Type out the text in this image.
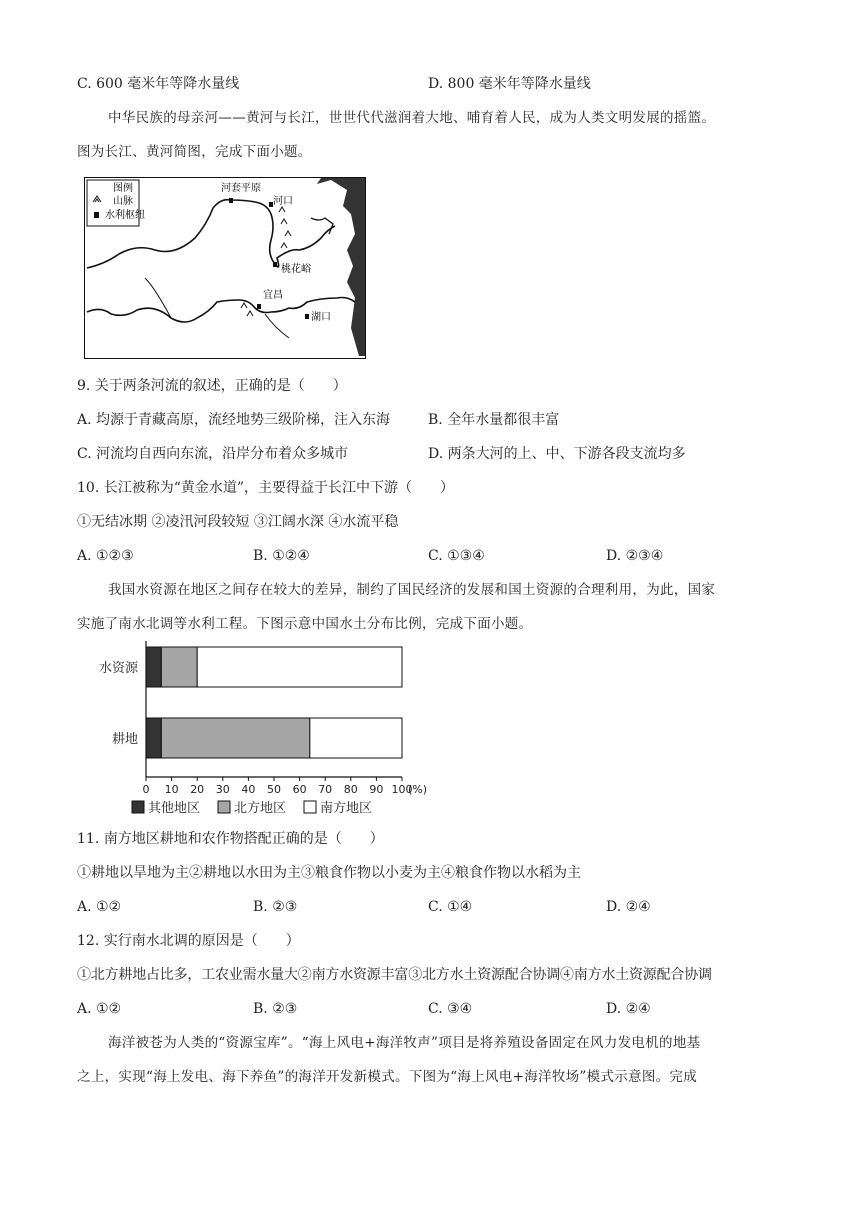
C. 600 毫米年等降水量线	D. 800 毫米年等降水量线
中华民族的母亲河——黄河与长江，世世代代滋润着大地、哺育着人民，成为人类文明发展的摇篮。
图为长江、黄河简图，完成下面小题。
图例
山脉
水利枢纽
河套平原
河口
桃花峪
宜昌
湖口
9. 关于两条河流的叙述，正确的是（　　）
A. 均源于青藏高原，流经地势三级阶梯，注入东海	B. 全年水量都很丰富
C. 河流均自西向东流，沿岸分布着众多城市	D. 两条大河的上、中、下游各段支流均多
10. 长江被称为“黄金水道”，主要得益于长江中下游（　　）
①无结冰期 ②凌汛河段较短 ③江阔水深 ④水流平稳
A. ①②③	B. ①②④	C. ①③④	D. ②③④
我国水资源在地区之间存在较大的差异，制约了国民经济的发展和国土资源的合理利用，为此，国家
实施了南水北调等水利工程。下图示意中国水土分布比例，完成下面小题。
水资源
耕地
0 10 20 30 40 50 60 70 80 90 100
(%)
其他地区	北方地区	南方地区
11. 南方地区耕地和农作物搭配正确的是（　　）
①耕地以旱地为主②耕地以水田为主③粮食作物以小麦为主④粮食作物以水稻为主
A. ①②	B. ②③	C. ①④	D. ②④
12. 实行南水北调的原因是（　　）
①北方耕地占比多，工农业需水量大②南方水资源丰富③北方水土资源配合协调④南方水土资源配合协调
A. ①②	B. ②③	C. ③④	D. ②④
海洋被苍为人类的“资源宝库”。“海上风电+海洋牧声”项目是将养殖设备固定在风力发电机的地基
之上，实现“海上发电、海下养鱼”的海洋开发新模式。下图为“海上风电+海洋牧场”模式示意图。完成
